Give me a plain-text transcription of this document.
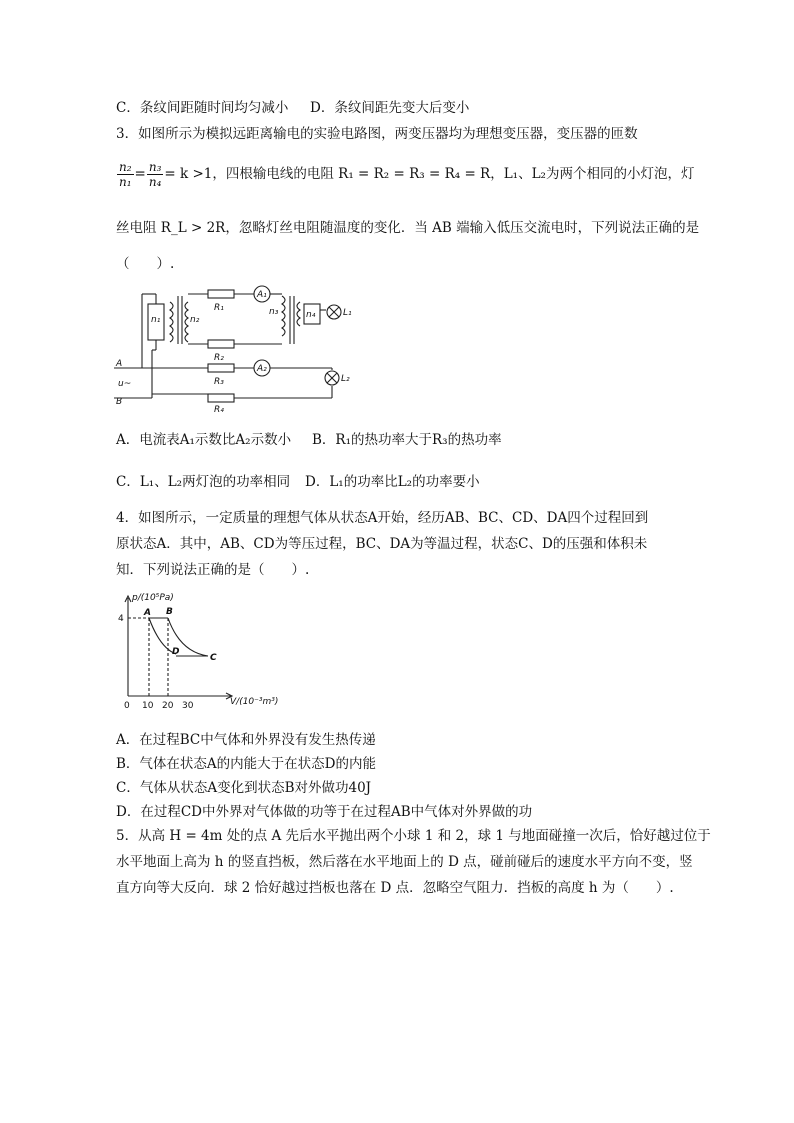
C．条纹间距随时间均匀减小 D．条纹间距先变大后变小
3．如图所示为模拟远距离输电的实验电路图，两变压器均为理想变压器，变压器的匝数
$\frac{\text{n₂}}{\text{n₁}} = \frac{\text{n₃}}{\text{n₄}} = k >1$，四根输电线的电阻 R₁ = R₂ = R₃ = R₄ = R，L₁、L₂为两个相同的小灯泡，灯
丝电阻 R_L > 2R，忽略灯丝电阻随温度的变化．当 AB 端输入低压交流电时，下列说法正确的是
（　　）.
n₁	n₂
n₃	n₄
R₁
R₂
R₃
R₄
A₁
A₂
L₁
L₂
A
B
u~
A．电流表A₁示数比A₂示数小 B．R₁的热功率大于R₃的热功率
C．L₁、L₂两灯泡的功率相同 D．L₁的功率比L₂的功率要小
4．如图所示，一定质量的理想气体从状态A开始，经历AB、BC、CD、DA四个过程回到
原状态A．其中，AB、CD为等压过程，BC、DA为等温过程，状态C、D的压强和体积未
知．下列说法正确的是（　　）.
p/(10⁵Pa)
V/(10⁻³m³)
4
0 10 20 30
A B
C
D
A．在过程BC中气体和外界没有发生热传递
B．气体在状态A的内能大于在状态D的内能
C．气体从状态A变化到状态B对外做功40J
D．在过程CD中外界对气体做的功等于在过程AB中气体对外界做的功
5．从高 H = 4m 处的点 A 先后水平抛出两个小球 1 和 2，球 1 与地面碰撞一次后，恰好越过位于
水平地面上高为 h 的竖直挡板，然后落在水平地面上的 D 点，碰前碰后的速度水平方向不变，竖
直方向等大反向．球 2 恰好越过挡板也落在 D 点．忽略空气阻力．挡板的高度 h 为（　　）.
